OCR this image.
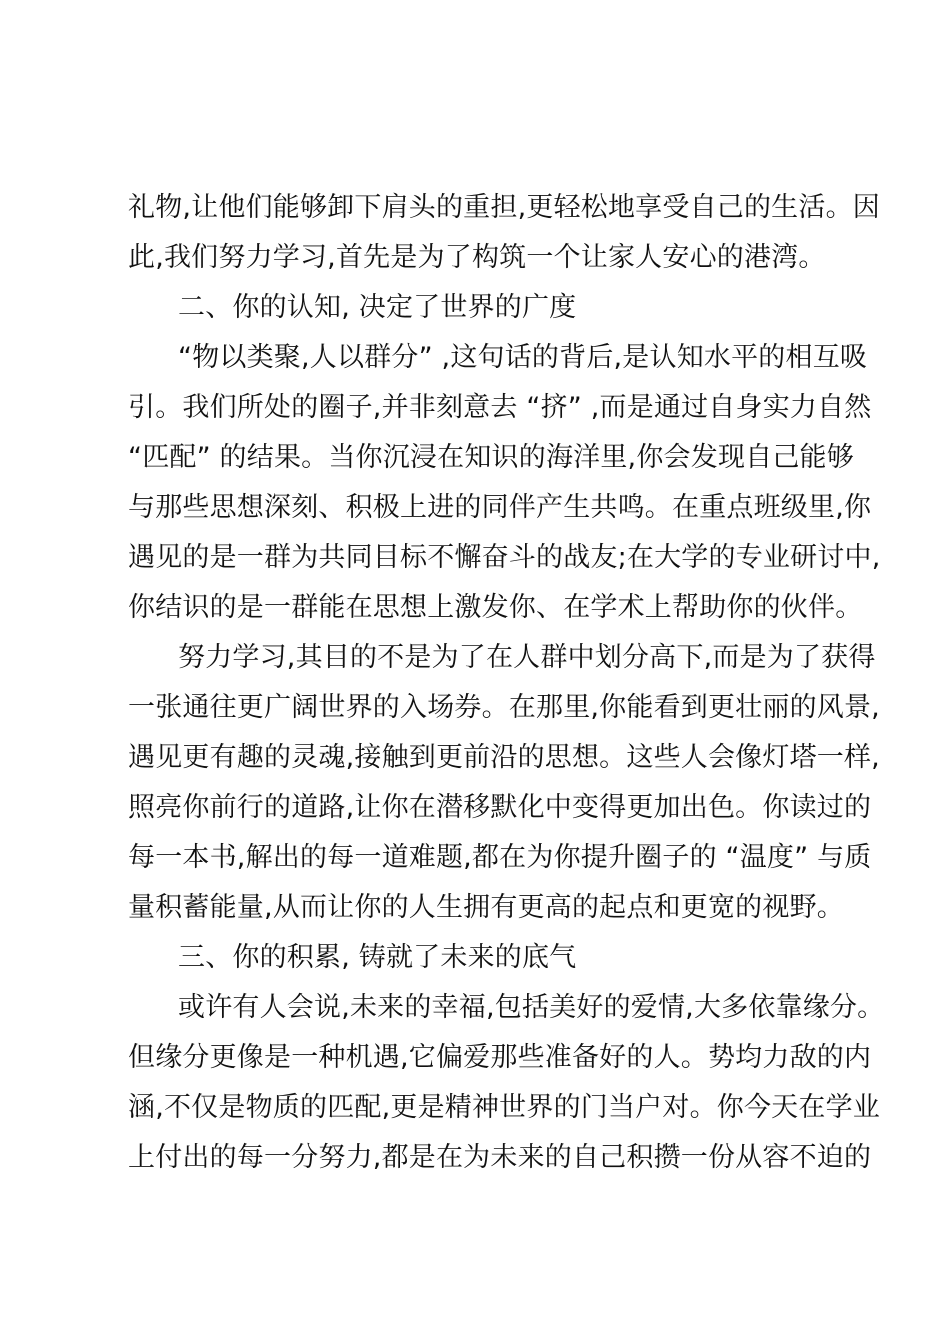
礼物,让他们能够卸下肩头的重担,更轻松地享受自己的生活。因
此,我们努力学习,首先是为了构筑一个让家人安心的港湾。
二、你的认知, 决定了世界的广度
“物以类聚,人以群分” ,这句话的背后,是认知水平的相互吸
引。我们所处的圈子,并非刻意去 “挤” ,而是通过自身实力自然
“匹配” 的结果。当你沉浸在知识的海洋里,你会发现自己能够
与那些思想深刻、积极上进的同伴产生共鸣。在重点班级里,你
遇见的是一群为共同目标不懈奋斗的战友;在大学的专业研讨中,
你结识的是一群能在思想上激发你、在学术上帮助你的伙伴。
努力学习,其目的不是为了在人群中划分高下,而是为了获得
一张通往更广阔世界的入场券。在那里,你能看到更壮丽的风景,
遇见更有趣的灵魂,接触到更前沿的思想。这些人会像灯塔一样,
照亮你前行的道路,让你在潜移默化中变得更加出色。你读过的
每一本书,解出的每一道难题,都在为你提升圈子的 “温度” 与质
量积蓄能量,从而让你的人生拥有更高的起点和更宽的视野。
三、你的积累, 铸就了未来的底气
或许有人会说,未来的幸福,包括美好的爱情,大多依靠缘分。
但缘分更像是一种机遇,它偏爱那些准备好的人。势均力敌的内
涵,不仅是物质的匹配,更是精神世界的门当户对。你今天在学业
上付出的每一分努力,都是在为未来的自己积攒一份从容不迫的
